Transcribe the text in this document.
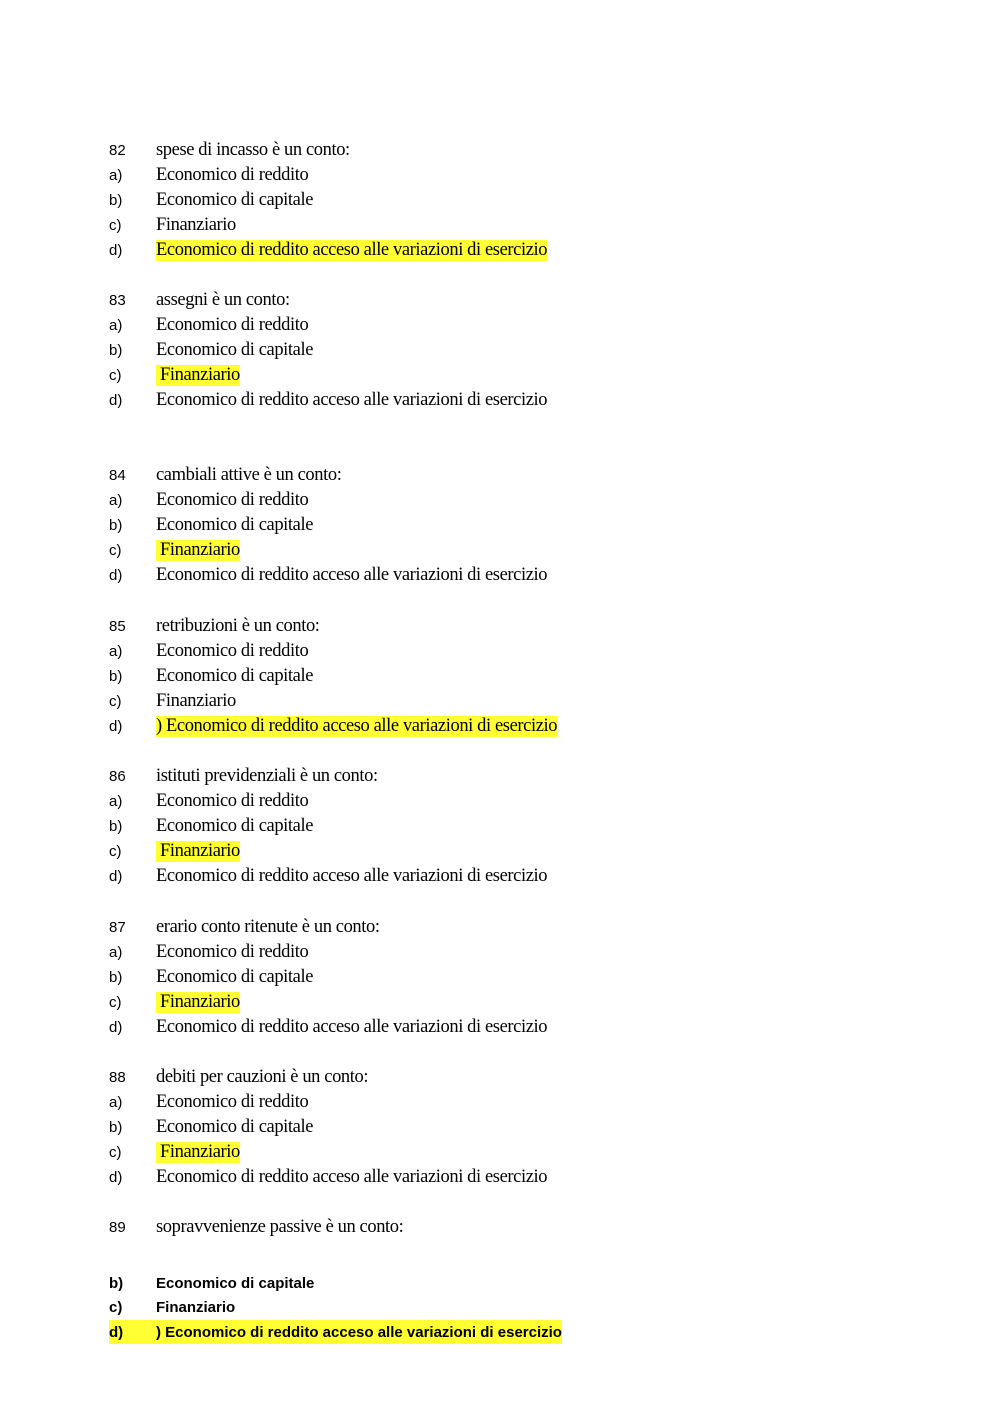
82	spese di incasso è un conto:
a)	Economico di reddito
b)	Economico di capitale
c)	Finanziario
d)	Economico di reddito acceso alle variazioni di esercizio
83	assegni è un conto:
a)	Economico di reddito
b)	Economico di capitale
c)	Finanziario
d)	Economico di reddito acceso alle variazioni di esercizio
84	cambiali attive è un conto:
a)	Economico di reddito
b)	Economico di capitale
c)	Finanziario
d)	Economico di reddito acceso alle variazioni di esercizio
85	retribuzioni è un conto:
a)	Economico di reddito
b)	Economico di capitale
c)	Finanziario
d)	) Economico di reddito acceso alle variazioni di esercizio
86	istituti previdenziali è un conto:
a)	Economico di reddito
b)	Economico di capitale
c)	Finanziario
d)	Economico di reddito acceso alle variazioni di esercizio
87	erario conto ritenute è un conto:
a)	Economico di reddito
b)	Economico di capitale
c)	Finanziario
d)	Economico di reddito acceso alle variazioni di esercizio
88	debiti per cauzioni è un conto:
a)	Economico di reddito
b)	Economico di capitale
c)	Finanziario
d)	Economico di reddito acceso alle variazioni di esercizio
89	sopravvenienze passive è un conto:
b)	Economico di capitale
c)	Finanziario
d)	) Economico di reddito acceso alle variazioni di esercizio
